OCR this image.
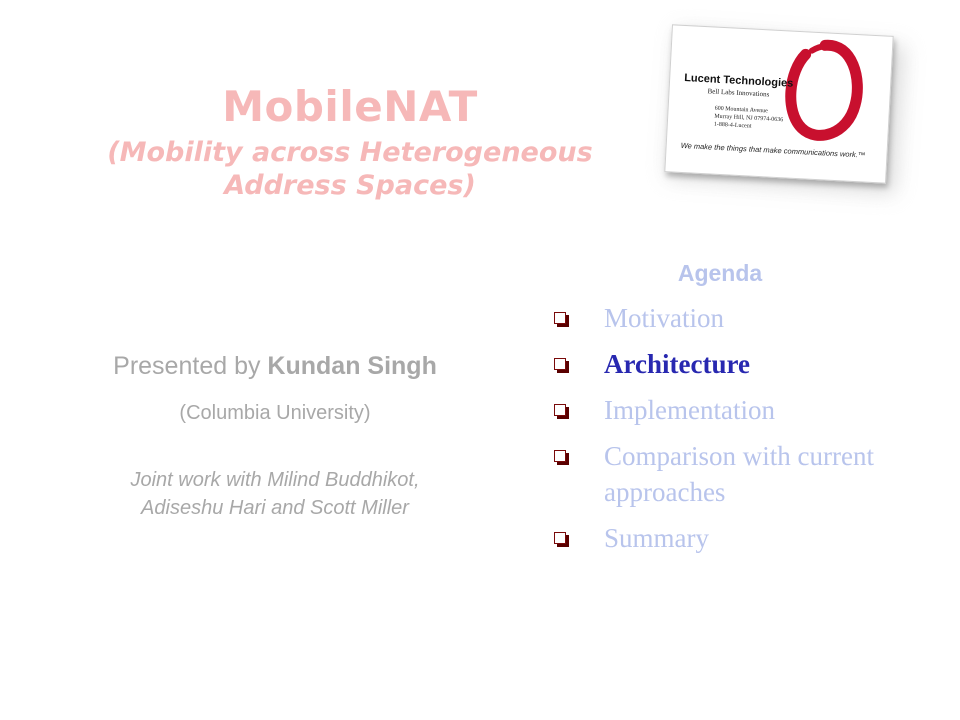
MobileNAT
(Mobility across Heterogeneous Address Spaces)
Lucent Technologies
Bell Labs Innovations
600 Mountain Avenue
Murray Hill, NJ 07974-0636
1-888-4-Lucent
We make the things that make communications work.™
Presented by Kundan Singh
(Columbia University)
Joint work with Milind Buddhikot,
Adiseshu Hari and Scott Miller
Agenda
Motivation
Architecture
Implementation
Comparison with current approaches
Summary
